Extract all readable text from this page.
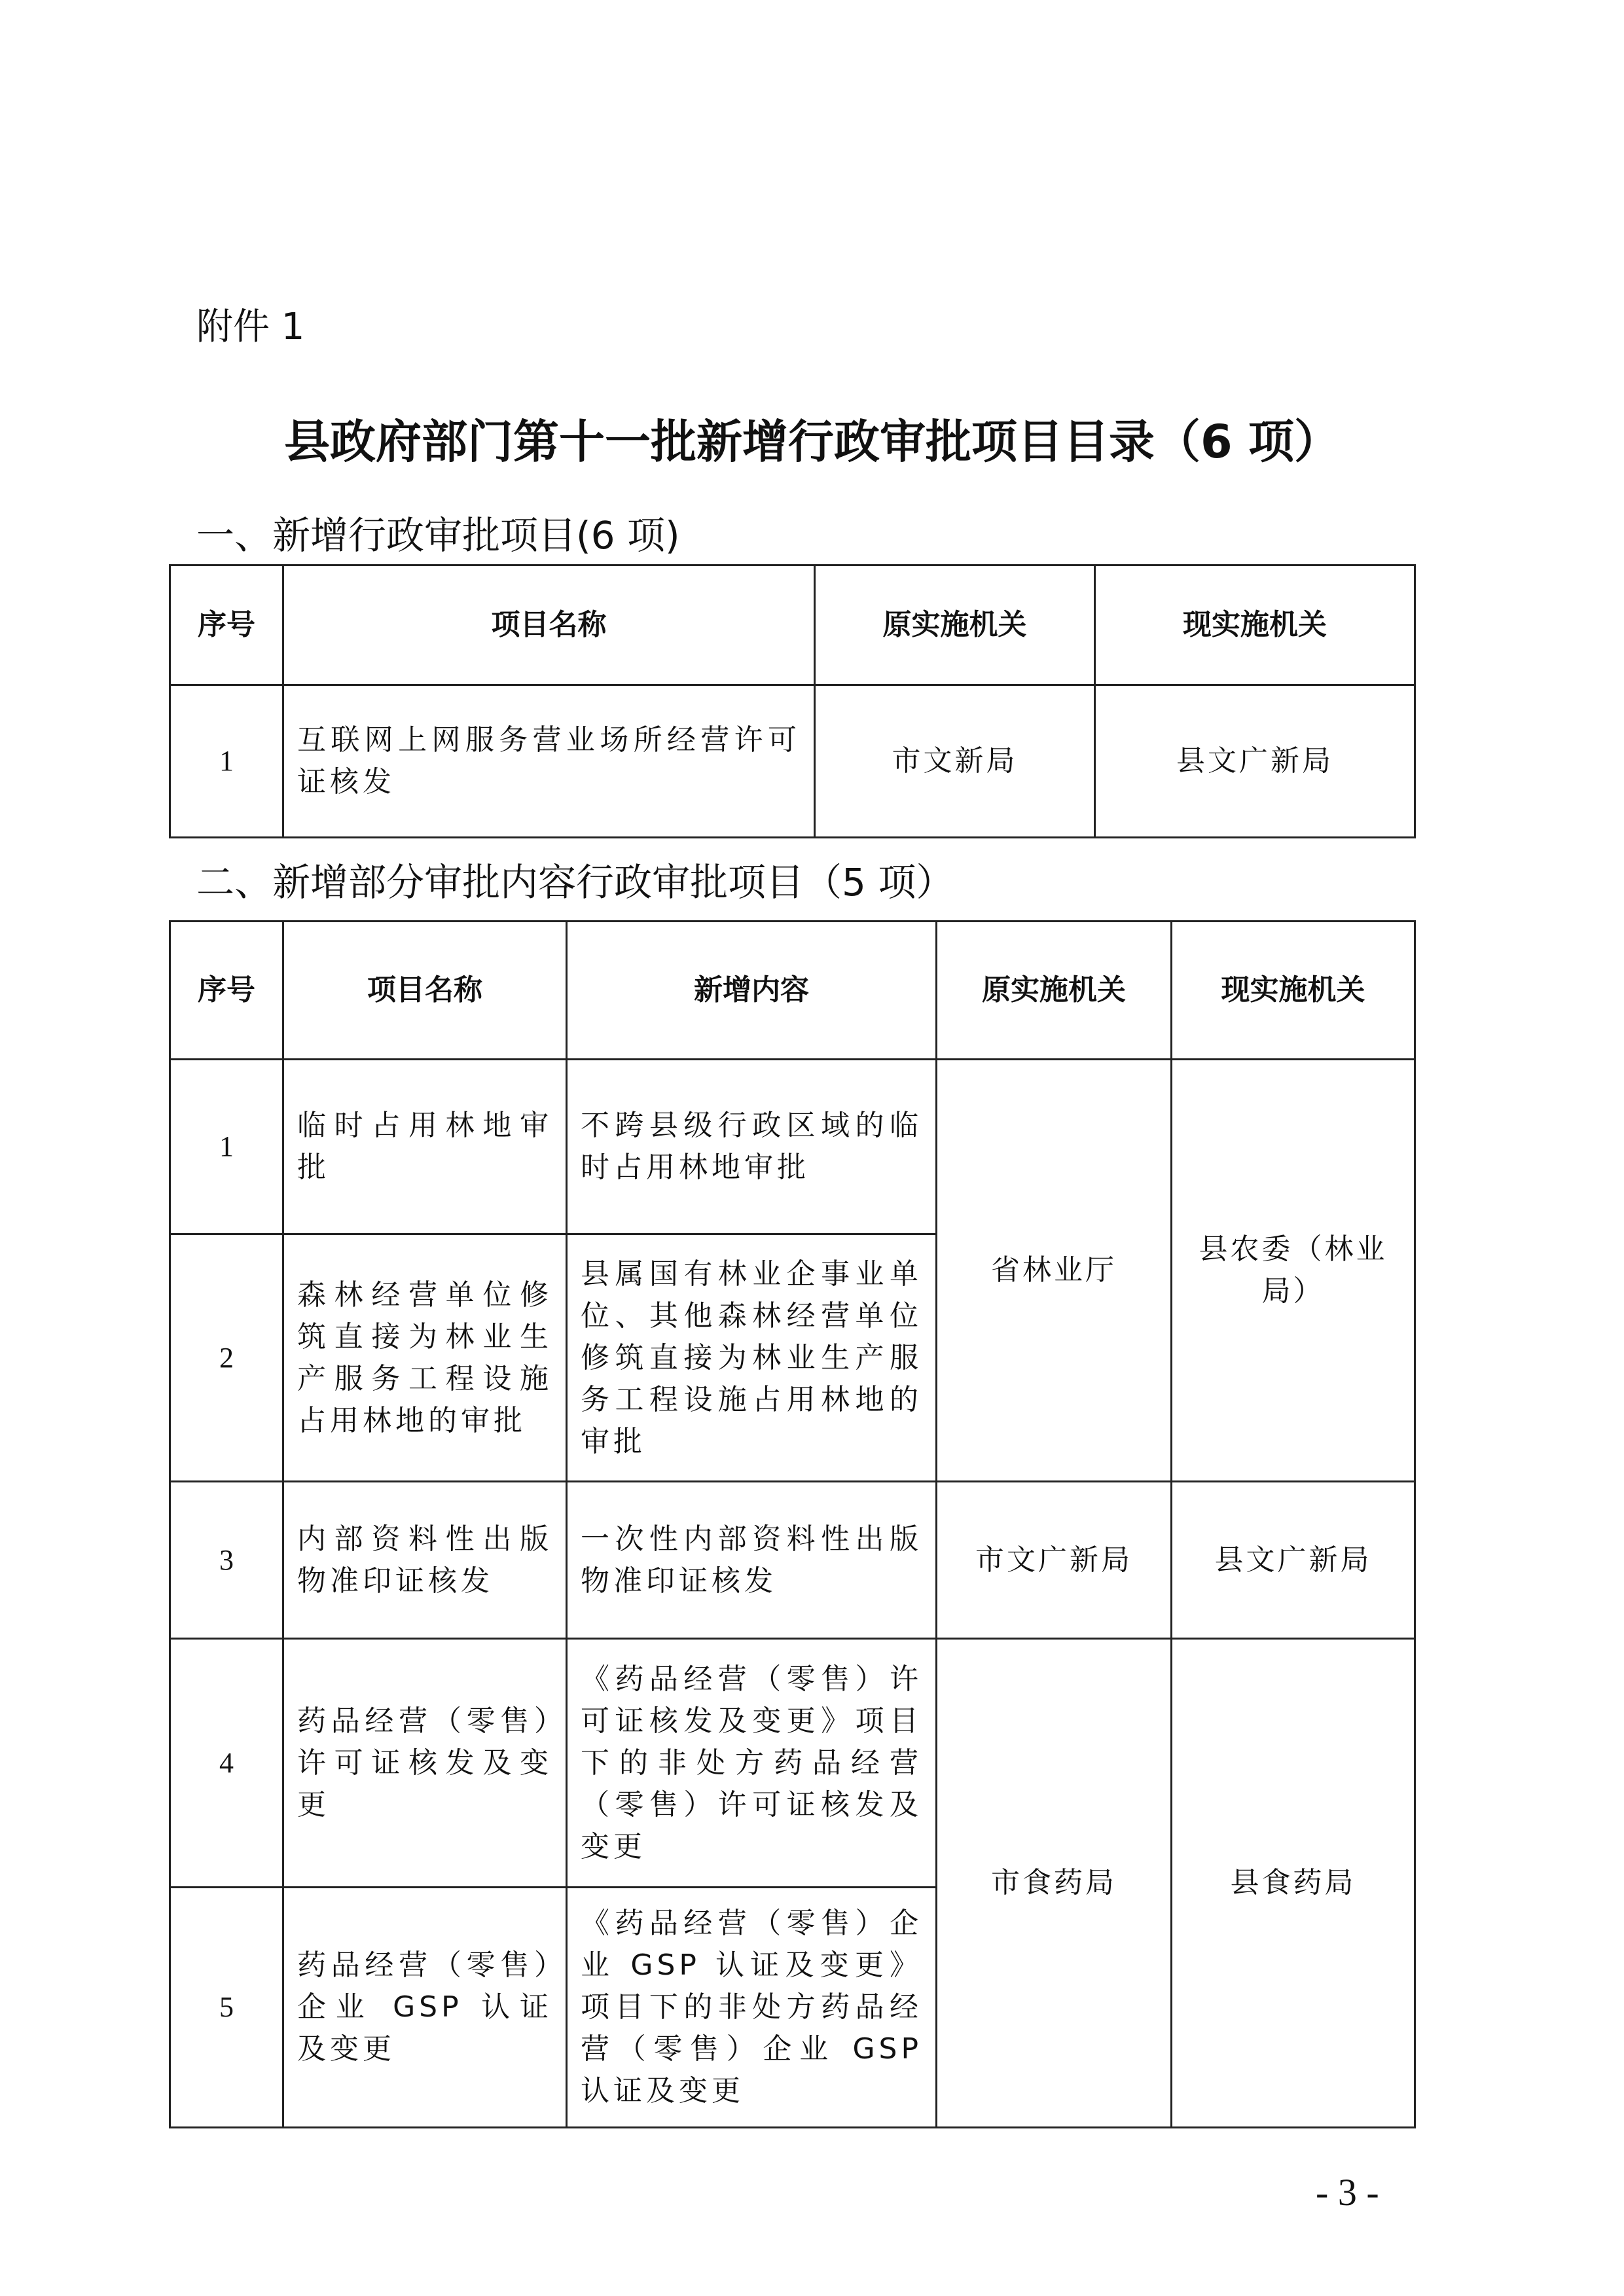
附件 1
县政府部门第十一批新增行政审批项目目录（6 项）
一、新增行政审批项目(6 项)
序号	项目名称	原实施机关	现实施机关
1	互联网上网服务营业场所经营许可证核发	市文新局	县文广新局
二、新增部分审批内容行政审批项目（5 项）
序号	项目名称	新增内容	原实施机关	现实施机关
1	临时占用林地审批	不跨县级行政区域的临时占用林地审批	省林业厅	县农委（林业局）
2	森林经营单位修筑直接为林业生产服务工程设施占用林地的审批	县属国有林业企事业单位、其他森林经营单位修筑直接为林业生产服务工程设施占用林地的审批		
3	内部资料性出版物准印证核发	一次性内部资料性出版物准印证核发	市文广新局	县文广新局
4	药品经营（零售）许可证核发及变更	《药品经营（零售）许可证核发及变更》项目下的非处方药品经营（零售）许可证核发及变更	市食药局	县食药局
5	药品经营（零售）企业 GSP 认证及变更	《药品经营（零售）企业 GSP 认证及变更》项目下的非处方药品经营（零售）企业 GSP 认证及变更		
- 3 -
